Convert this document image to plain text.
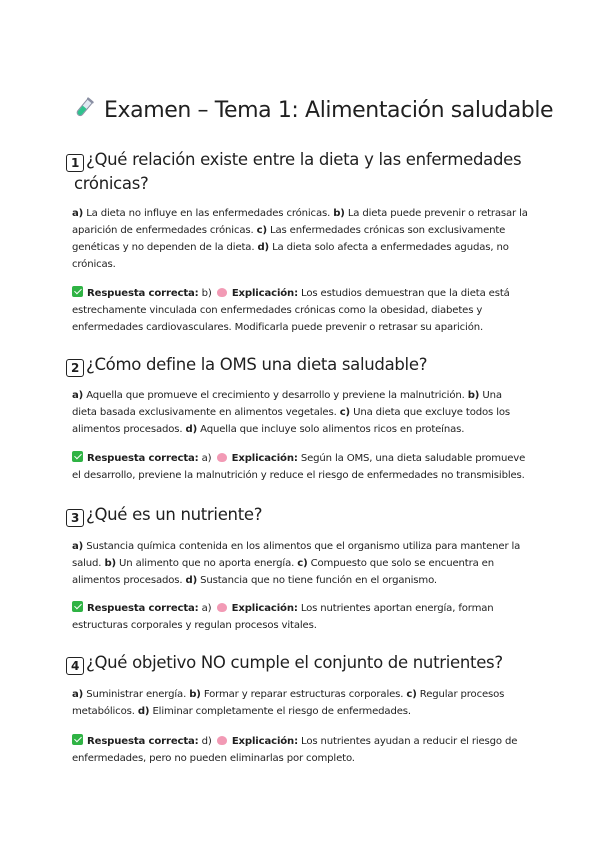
Examen – Tema 1: Alimentación saludable
1 ¿Qué relación existe entre la dieta y las enfermedades
crónicas?

a) La dieta no influye en las enfermedades crónicas. b) La dieta puede prevenir o retrasar la aparición de enfermedades crónicas. c) Las enfermedades crónicas son exclusivamente genéticas y no dependen de la dieta. d) La dieta solo afecta a enfermedades agudas, no crónicas.

Respuesta correcta: b) Explicación: Los estudios demuestran que la dieta está estrechamente vinculada con enfermedades crónicas como la obesidad, diabetes y enfermedades cardiovasculares. Modificarla puede prevenir o retrasar su aparición.

2 ¿Cómo define la OMS una dieta saludable?

a) Aquella que promueve el crecimiento y desarrollo y previene la malnutrición. b) Una dieta basada exclusivamente en alimentos vegetales. c) Una dieta que excluye todos los alimentos procesados. d) Aquella que incluye solo alimentos ricos en proteínas.

Respuesta correcta: a) Explicación: Según la OMS, una dieta saludable promueve el desarrollo, previene la malnutrición y reduce el riesgo de enfermedades no transmisibles.

3 ¿Qué es un nutriente?

a) Sustancia química contenida en los alimentos que el organismo utiliza para mantener la salud. b) Un alimento que no aporta energía. c) Compuesto que solo se encuentra en alimentos procesados. d) Sustancia que no tiene función en el organismo.

Respuesta correcta: a) Explicación: Los nutrientes aportan energía, forman estructuras corporales y regulan procesos vitales.

4 ¿Qué objetivo NO cumple el conjunto de nutrientes?

a) Suministrar energía. b) Formar y reparar estructuras corporales. c) Regular procesos metabólicos. d) Eliminar completamente el riesgo de enfermedades.

Respuesta correcta: d) Explicación: Los nutrientes ayudan a reducir el riesgo de enfermedades, pero no pueden eliminarlas por completo.
